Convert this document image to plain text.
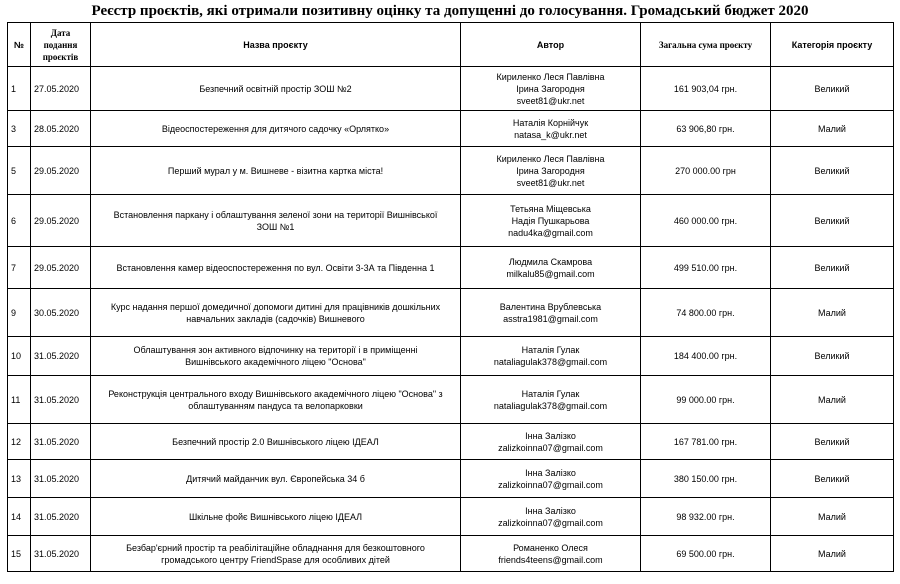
Реєстр проєктів, які отримали позитивну оцінку та допущенні до голосування. Громадський бюджет 2020
№	Дата подання проєктів	Назва проєкту	Автор	Загальна сума проєкту	Категорія проєкту
1	27.05.2020	Безпечний освітній простір ЗОШ №2	Кириленко Леся Павлівна
Ірина Загородня
sveet81@ukr.net	161 903,04 грн.	Великий
3	28.05.2020	Відеоспостереження для дитячого садочку «Орлятко»	Наталія Корнійчук
natasa_k@ukr.net	63 906,80 грн.	Малий
5	29.05.2020	Перший мурал у м. Вишневе - візитна картка міста!	Кириленко Леся Павлівна
Ірина Загородня
sveet81@ukr.net	270 000.00 грн	Великий
6	29.05.2020	Встановлення паркану і облаштування зеленої зони на території Вишнівської
ЗОШ №1	Тетьяна Міщевська
Надія Пушкарьова
nadu4ka@gmail.com	460 000.00 грн.	Великий
7	29.05.2020	Встановлення камер відеоспостереження по вул. Освіти 3-3А та Південна 1	Людмила Скамрова
milkalu85@gmail.com	499 510.00 грн.	Великий
9	30.05.2020	Курс надання першої домедичної допомоги дитині для працівників дошкільних
навчальних закладів (садочків) Вишневого	Валентина Врублевська
asstra1981@gmail.com	74 800.00 грн.	Малий
10	31.05.2020	Облаштування зон активного відпочинку на території і в приміщенні
Вишнівського академічного ліцею "Основа"	Наталія Гулак
nataliagulak378@gmail.com	184 400.00 грн.	Великий
11	31.05.2020	Реконструкція центрального входу Вишнівського академічного ліцею "Основа" з
облаштуванням пандуса та велопарковки	Наталія Гулак
nataliagulak378@gmail.com	99 000.00 грн.	Малий
12	31.05.2020	Безпечний простір 2.0 Вишнівського ліцею ІДЕАЛ	Інна Залізко
zalizkoinna07@gmail.com	167 781.00 грн.	Великий
13	31.05.2020	Дитячий майданчик вул. Європейська 34 б	Інна Залізко
zalizkoinna07@gmail.com	380 150.00 грн.	Великий
14	31.05.2020	Шкільне фойє Вишнівського ліцею ІДЕАЛ	Інна Залізко
zalizkoinna07@gmail.com	98 932.00 грн.	Малий
15	31.05.2020	Безбар'єрний простір та реабілітаційне обладнання для безкоштовного
громадського центру FriendSpase для особливих дітей	Романенко Олеся
friends4teens@gmail.com	69 500.00 грн.	Малий
